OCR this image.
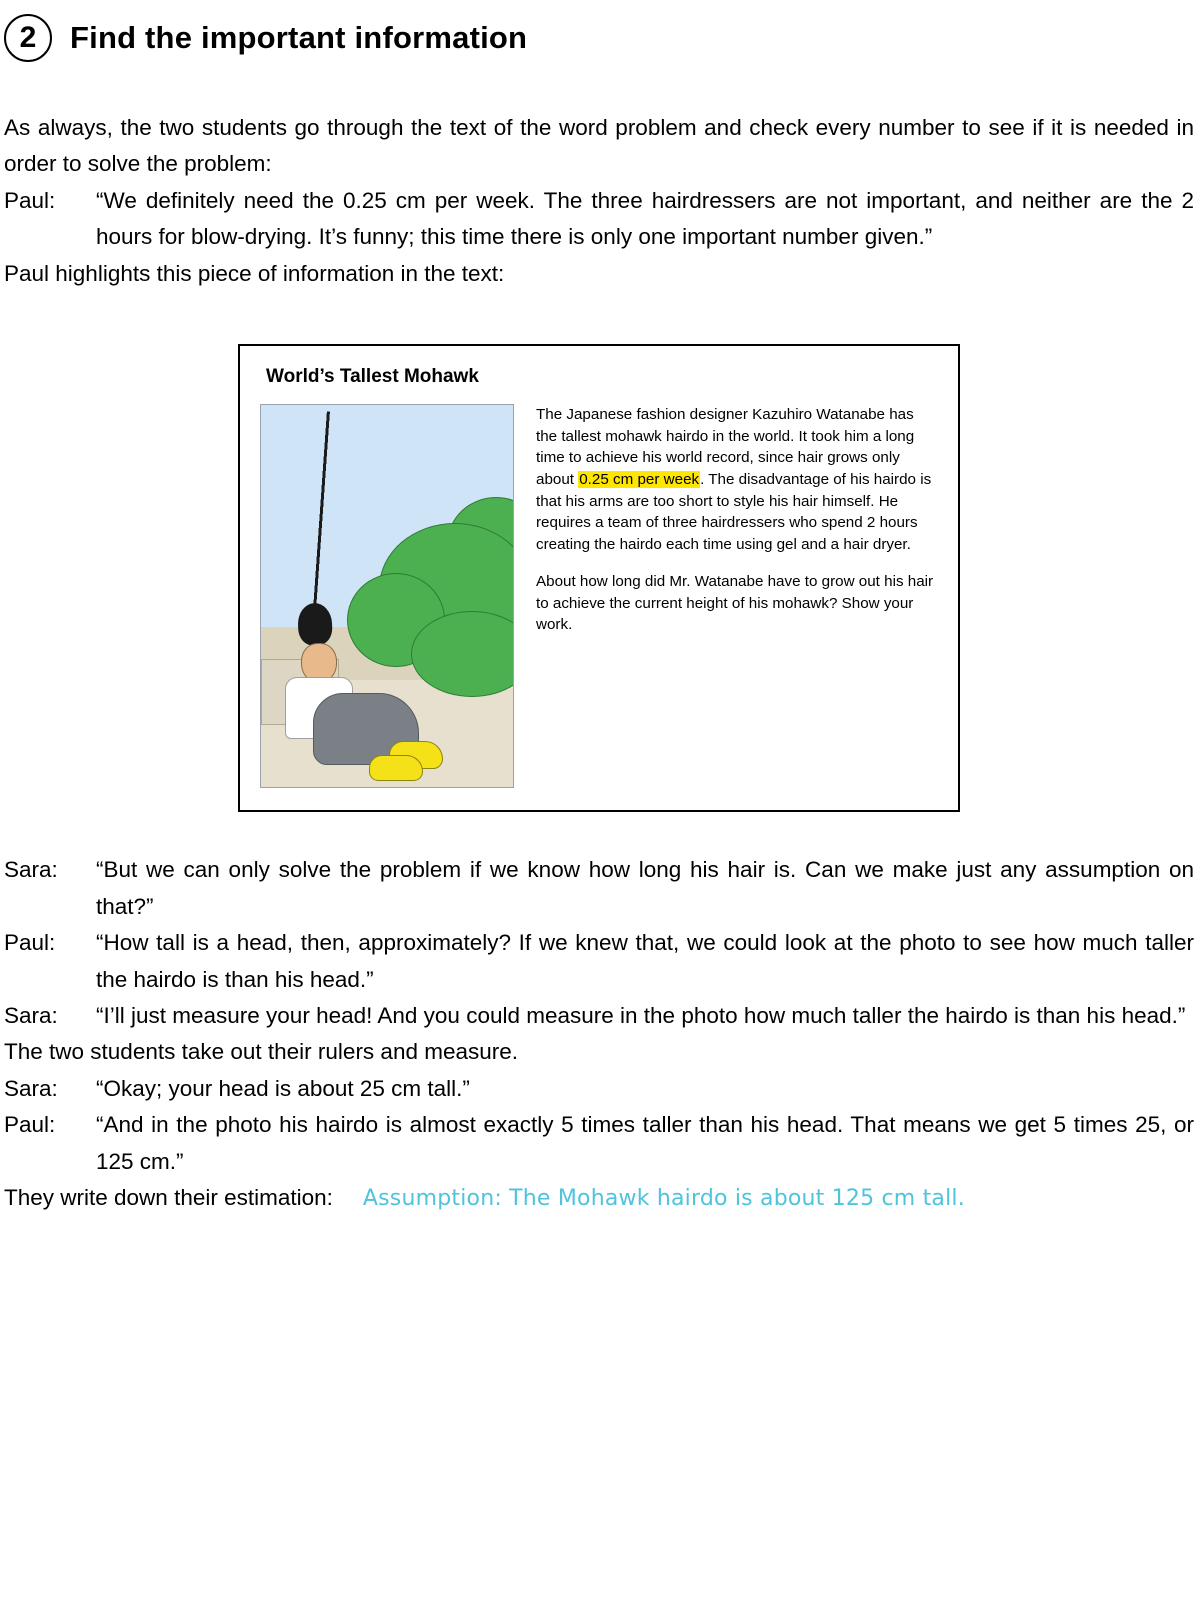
2	Find the important information

As always, the two students go through the text of the word problem and check every number to see if it is needed in order to solve the problem:

Paul:	“We definitely need the 0.25 cm per week. The three hairdressers are not important, and neither are the 2 hours for blow-drying. It’s funny; this time there is only one important number given.”
Paul highlights this piece of information in the text:
World’s Tallest Mohawk

The Japanese fashion designer Kazuhiro Watanabe has the tallest mohawk hairdo in the world. It took him a long time to achieve his world record, since hair grows only about 0.25 cm per week. The disadvantage of his hairdo is that his arms are too short to style his hair himself. He requires a team of three hairdressers who spend 2 hours creating the hairdo each time using gel and a hair dryer.

About how long did Mr. Watanabe have to grow out his hair to achieve the current height of his mohawk? Show your work.

Sara:	“But we can only solve the problem if we know how long his hair is. Can we make just any assumption on that?”
Paul:	“How tall is a head, then, approximately? If we knew that, we could look at the photo to see how much taller the hairdo is than his head.”
Sara:	“I’ll just measure your head! And you could measure in the photo how much taller the hairdo is than his head.”
The two students take out their rulers and measure.
Sara:	“Okay; your head is about 25 cm tall.”
Paul:	“And in the photo his hairdo is almost exactly 5 times taller than his head. That means we get 5 times 25, or 125 cm.”
They write down their estimation: Assumption: The Mohawk hairdo is about 125 cm tall.
